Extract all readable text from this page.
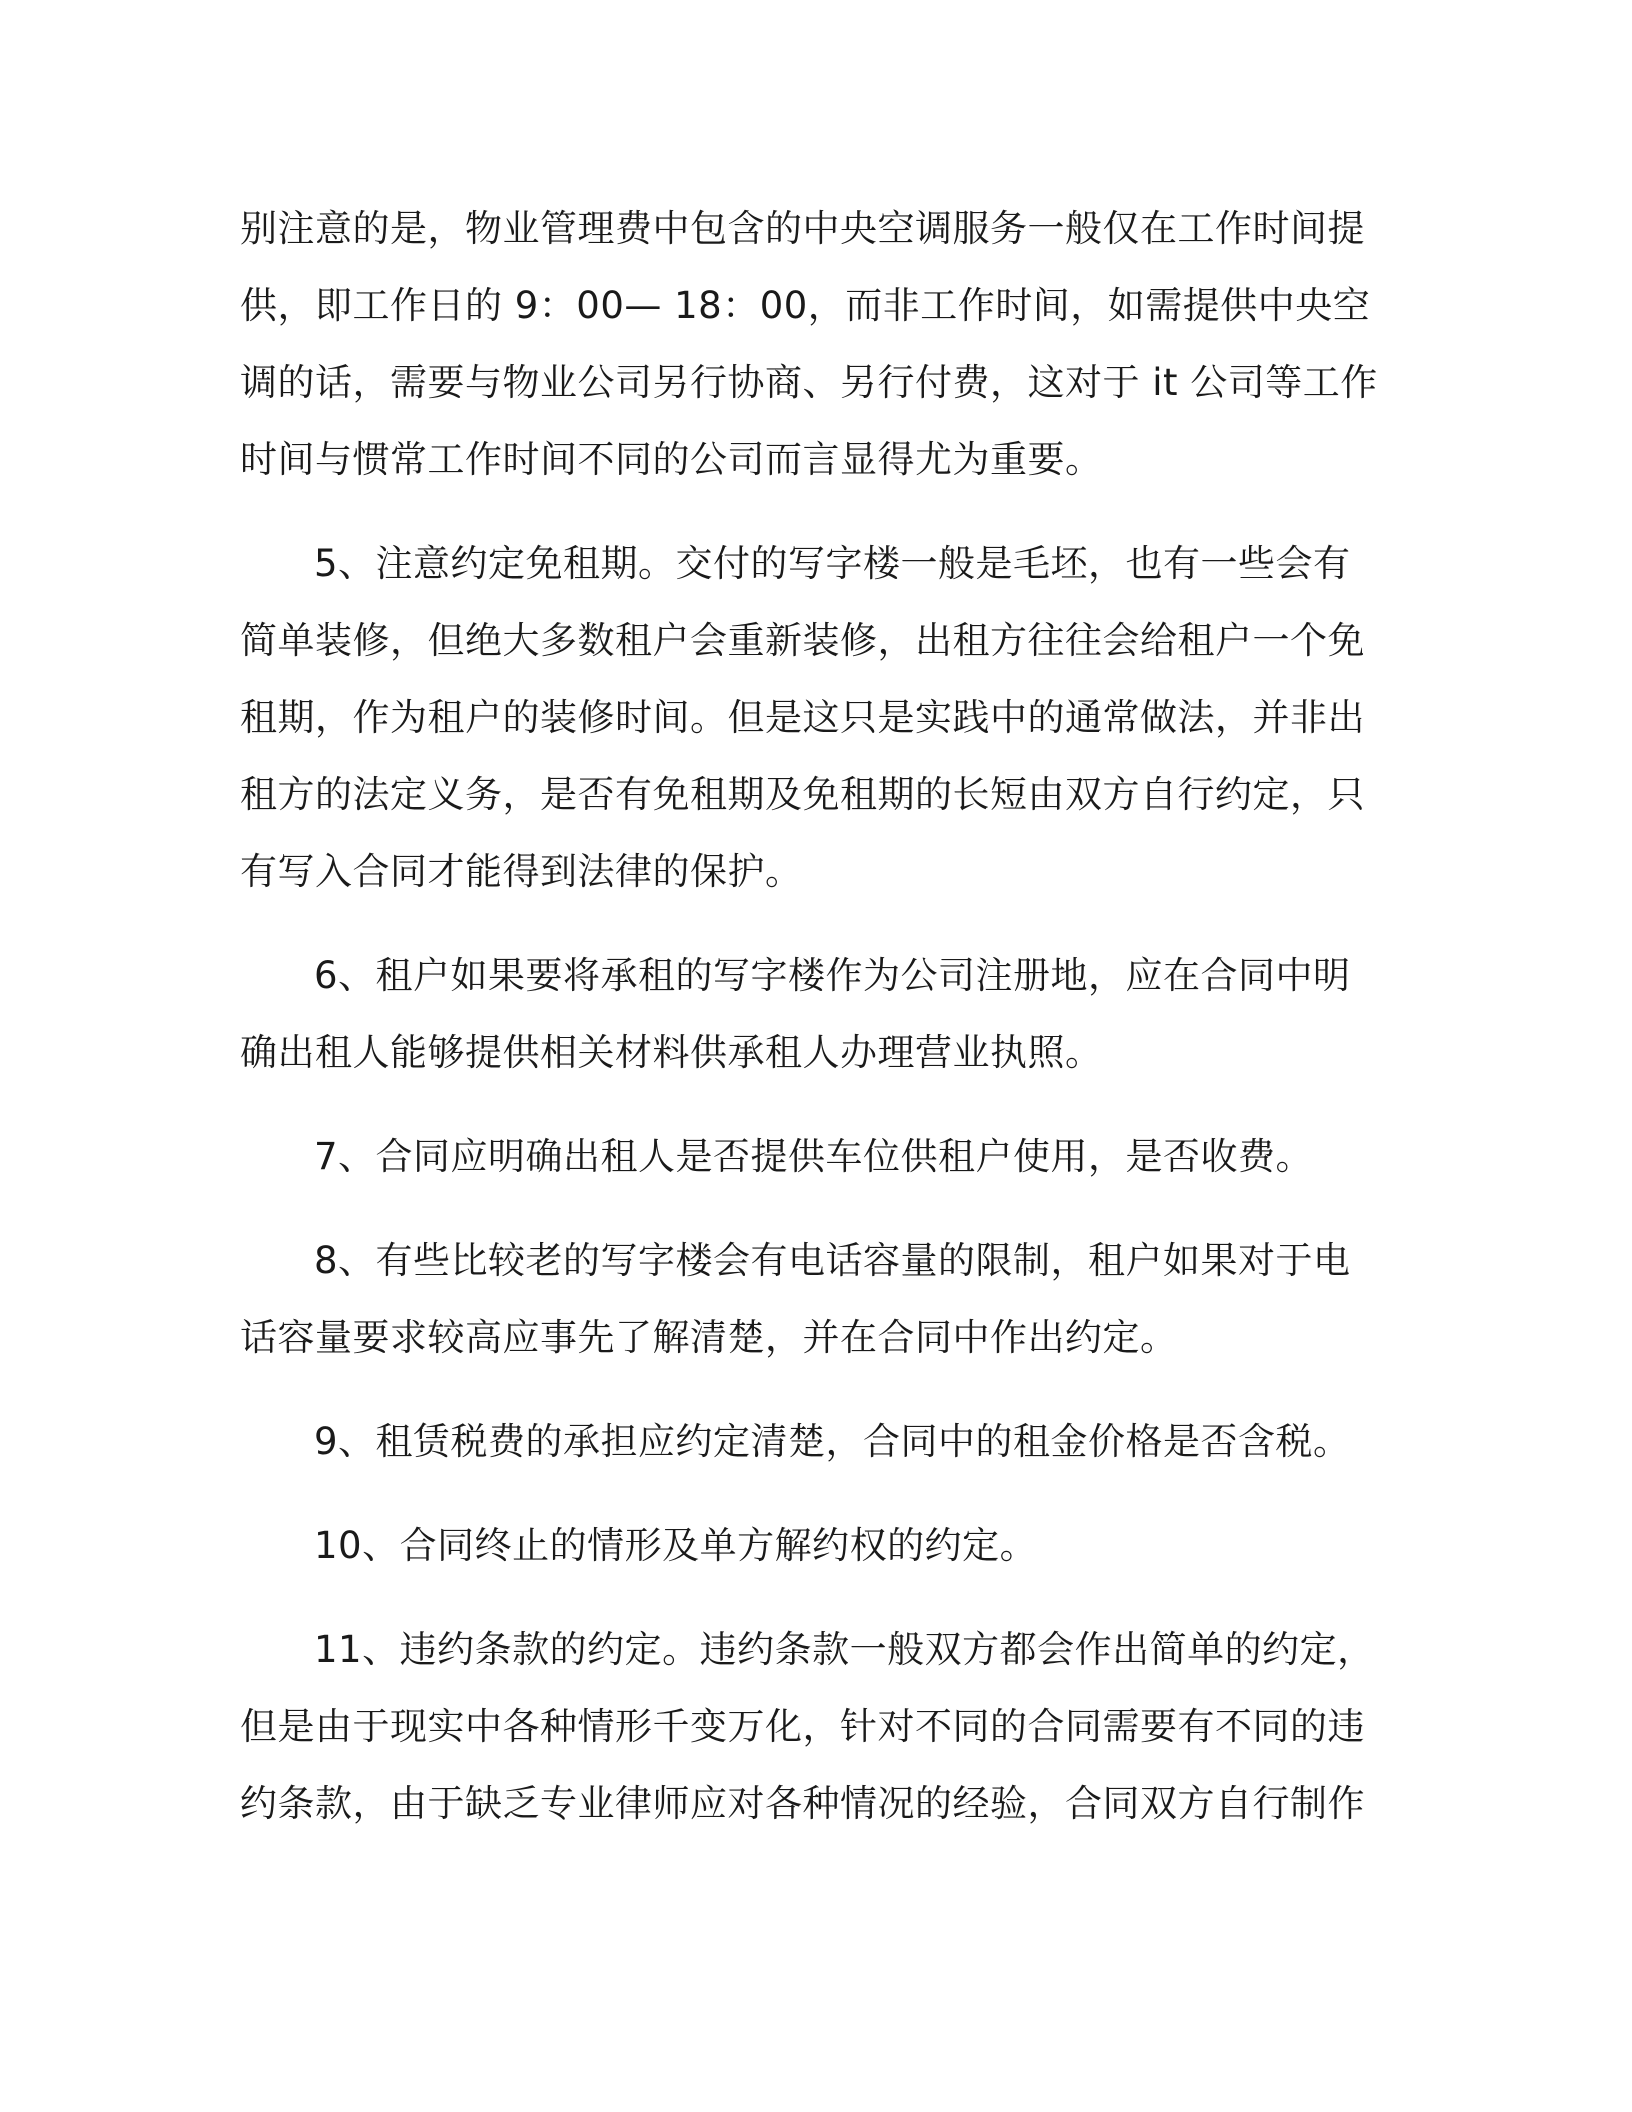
别注意的是，物业管理费中包含的中央空调服务一般仅在工作时间提供，即工作日的 9：00— 18：00，而非工作时间，如需提供中央空调的话，需要与物业公司另行协商、另行付费，这对于 it 公司等工作时间与惯常工作时间不同的公司而言显得尤为重要。

5、注意约定免租期。交付的写字楼一般是毛坯，也有一些会有简单装修，但绝大多数租户会重新装修，出租方往往会给租户一个免租期，作为租户的装修时间。但是这只是实践中的通常做法，并非出租方的法定义务，是否有免租期及免租期的长短由双方自行约定，只有写入合同才能得到法律的保护。

6、租户如果要将承租的写字楼作为公司注册地，应在合同中明确出租人能够提供相关材料供承租人办理营业执照。

7、合同应明确出租人是否提供车位供租户使用，是否收费。

8、有些比较老的写字楼会有电话容量的限制，租户如果对于电话容量要求较高应事先了解清楚，并在合同中作出约定。

9、租赁税费的承担应约定清楚，合同中的租金价格是否含税。

10、合同终止的情形及单方解约权的约定。

11、违约条款的约定。违约条款一般双方都会作出简单的约定，但是由于现实中各种情形千变万化，针对不同的合同需要有不同的违约条款，由于缺乏专业律师应对各种情况的经验，合同双方自行制作
